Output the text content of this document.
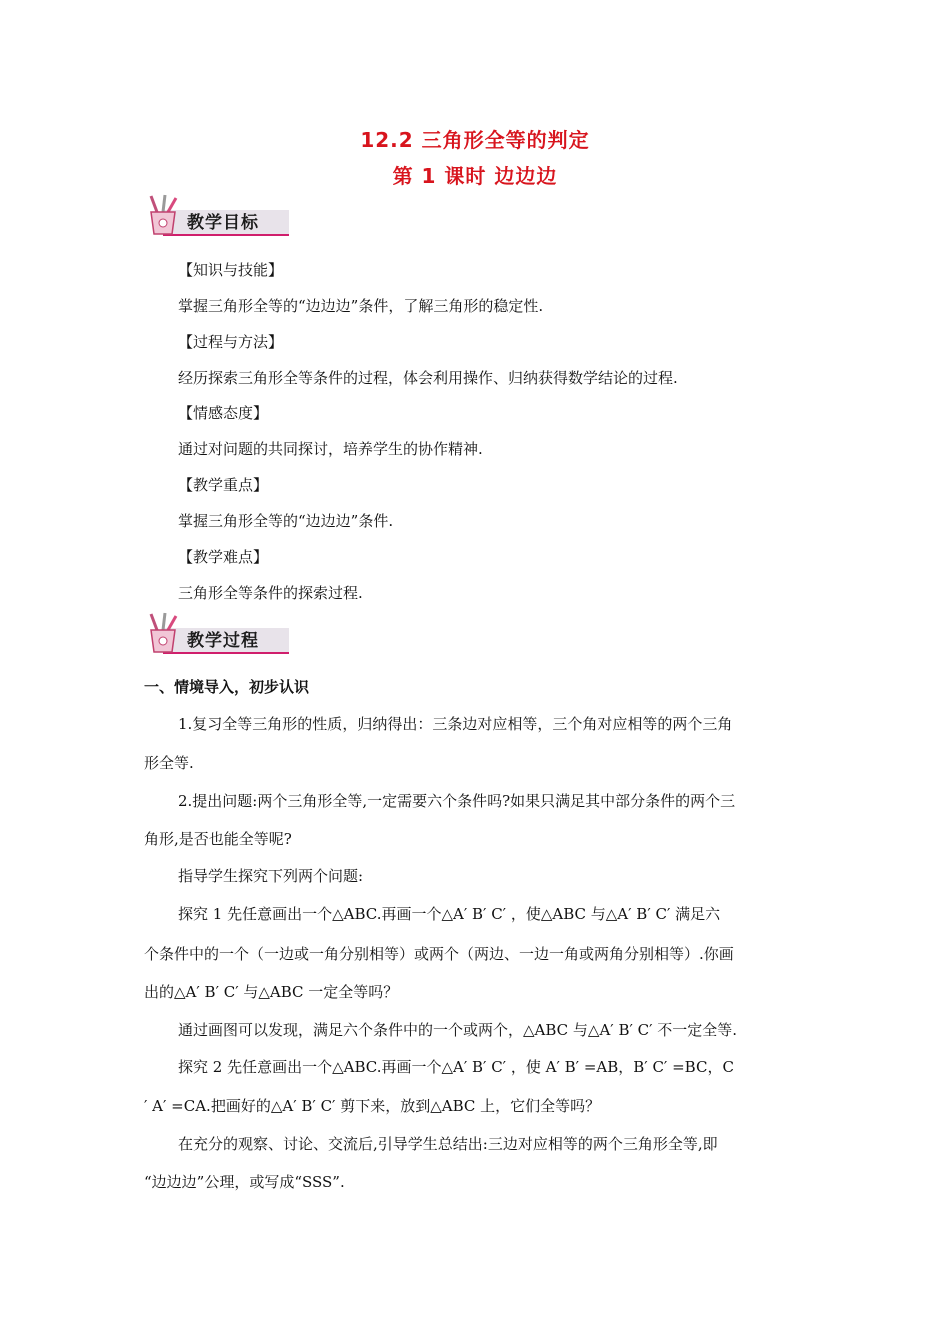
12.2 三角形全等的判定
第 1 课时 边边边
教学目标
【知识与技能】
掌握三角形全等的“边边边”条件，了解三角形的稳定性.
【过程与方法】
经历探索三角形全等条件的过程，体会利用操作、归纳获得数学结论的过程.
【情感态度】
通过对问题的共同探讨，培养学生的协作精神.
【教学重点】
掌握三角形全等的“边边边”条件.
【教学难点】
三角形全等条件的探索过程.
教学过程
一、情境导入，初步认识
1.复习全等三角形的性质，归纳得出：三条边对应相等，三个角对应相等的两个三角
形全等.
2.提出问题:两个三角形全等,一定需要六个条件吗?如果只满足其中部分条件的两个三
角形,是否也能全等呢?
指导学生探究下列两个问题:
探究 1 先任意画出一个△ABC.再画一个△A′ B′ C′ ，使△ABC 与△A′ B′ C′ 满足六
个条件中的一个（一边或一角分别相等）或两个（两边、一边一角或两角分别相等）.你画
出的△A′ B′ C′ 与△ABC 一定全等吗？
通过画图可以发现，满足六个条件中的一个或两个，△ABC 与△A′ B′ C′ 不一定全等.
探究 2 先任意画出一个△ABC.再画一个△A′ B′ C′ ，使 A′ B′ =AB，B′ C′ =BC，C
′ A′ =CA.把画好的△A′ B′ C′ 剪下来，放到△ABC 上，它们全等吗？
在充分的观察、讨论、交流后,引导学生总结出:三边对应相等的两个三角形全等,即
“边边边”公理，或写成“SSS”.
